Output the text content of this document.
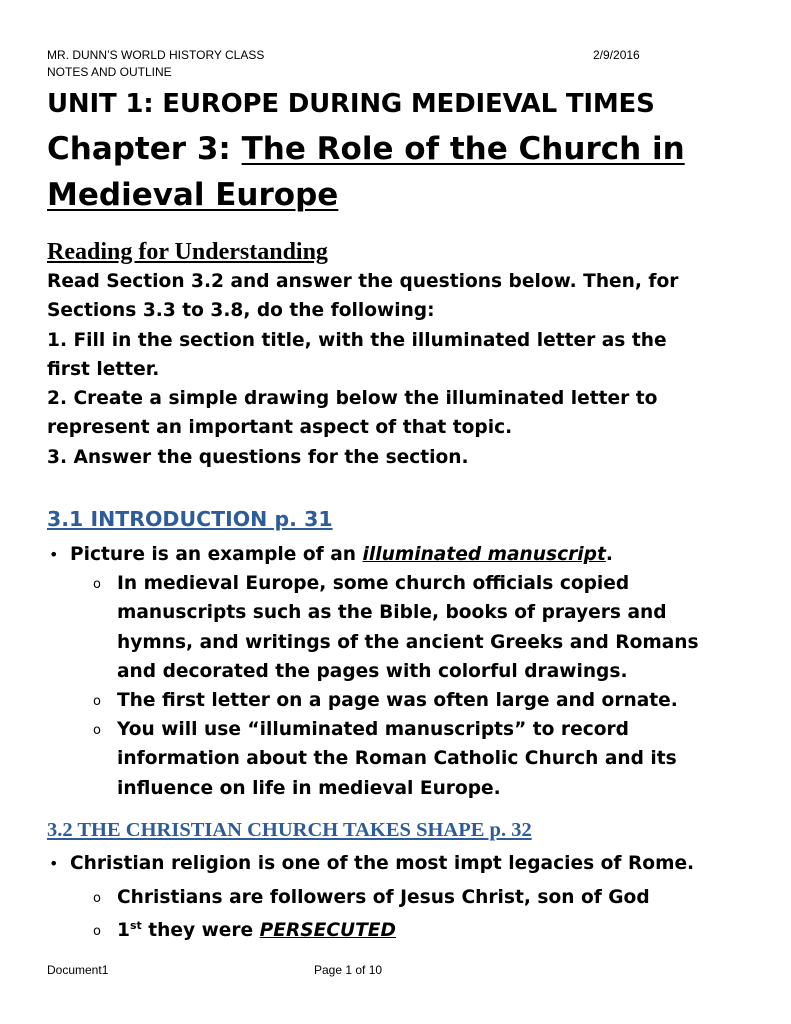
MR. DUNN’S WORLD HISTORY CLASS
NOTES AND OUTLINE
2/9/2016
UNIT 1: EUROPE DURING MEDIEVAL TIMES
Chapter 3: The Role of the Church in
Medieval Europe
Reading for Understanding
Read Section 3.2 and answer the questions below. Then, for
Sections 3.3 to 3.8, do the following:
1. Fill in the section title, with the illuminated letter as the
first letter.
2. Create a simple drawing below the illuminated letter to
represent an important aspect of that topic.
3. Answer the questions for the section.
3.1 INTRODUCTION p. 31
• Picture is an example of an illuminated manuscript.
o In medieval Europe, some church officials copied
manuscripts such as the Bible, books of prayers and
hymns, and writings of the ancient Greeks and Romans
and decorated the pages with colorful drawings.
o The first letter on a page was often large and ornate.
o You will use “illuminated manuscripts” to record
information about the Roman Catholic Church and its
influence on life in medieval Europe.
3.2 THE CHRISTIAN CHURCH TAKES SHAPE p. 32
• Christian religion is one of the most impt legacies of Rome.
o Christians are followers of Jesus Christ, son of God
o 1st they were PERSECUTED
Document1	Page 1 of 10
